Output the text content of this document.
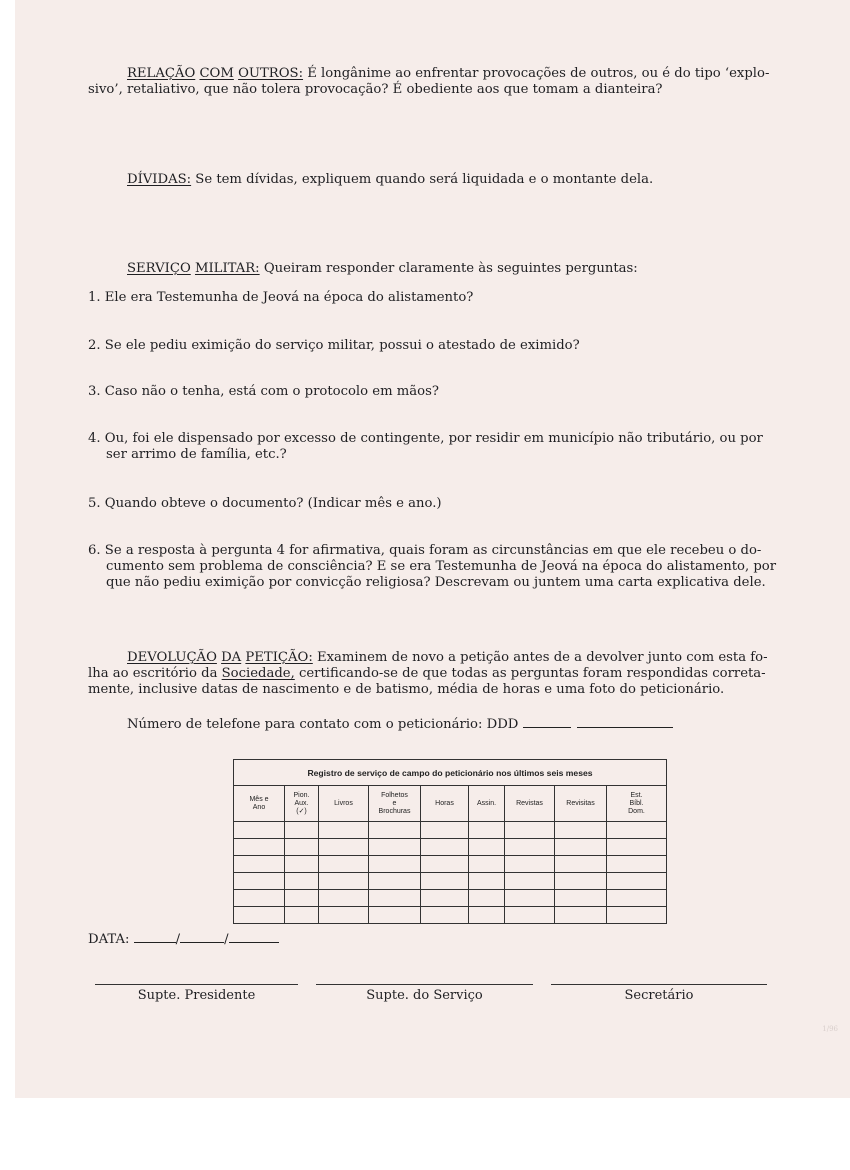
RELAÇÃO COM OUTROS: É longânime ao enfrentar provocações de outros, ou é do tipo ‘explo-
sivo’, retaliativo, que não tolera provocação? É obediente aos que tomam a dianteira?
DÍVIDAS: Se tem dívidas, expliquem quando será liquidada e o montante dela.
SERVIÇO MILITAR: Queiram responder claramente às seguintes perguntas:
1. Ele era Testemunha de Jeová na época do alistamento?
2. Se ele pediu eximição do serviço militar, possui o atestado de eximido?
3. Caso não o tenha, está com o protocolo em mãos?
4. Ou, foi ele dispensado por excesso de contingente, por residir em município não tributário, ou por
ser arrimo de família, etc.?
5. Quando obteve o documento? (Indicar mês e ano.)
6. Se a resposta à pergunta 4 for afirmativa, quais foram as circunstâncias em que ele recebeu o do-
cumento sem problema de consciência? E se era Testemunha de Jeová na época do alistamento, por
que não pediu eximição por convicção religiosa? Descrevam ou juntem uma carta explicativa dele.
DEVOLUÇÃO DA PETIÇÃO: Examinem de novo a petição antes de a devolver junto com esta fo-
lha ao escritório da Sociedade, certificando-se de que todas as perguntas foram respondidas correta-
mente, inclusive datas de nascimento e de batismo, média de horas e uma foto do peticionário.
Número de telefone para contato com o peticionário: DDD
Registro de serviço de campo do peticionário nos últimos seis meses								
Mês e
Ano	Pion.
Aux.
(✓)	Livros	Folhetos
e
Brochuras	Horas	Assin.	Revistas	Revisitas	Est.
Bíbl.
Dom.

DATA:	/	/
Supte. Presidente	Supte. do Serviço	Secretário
1/96
